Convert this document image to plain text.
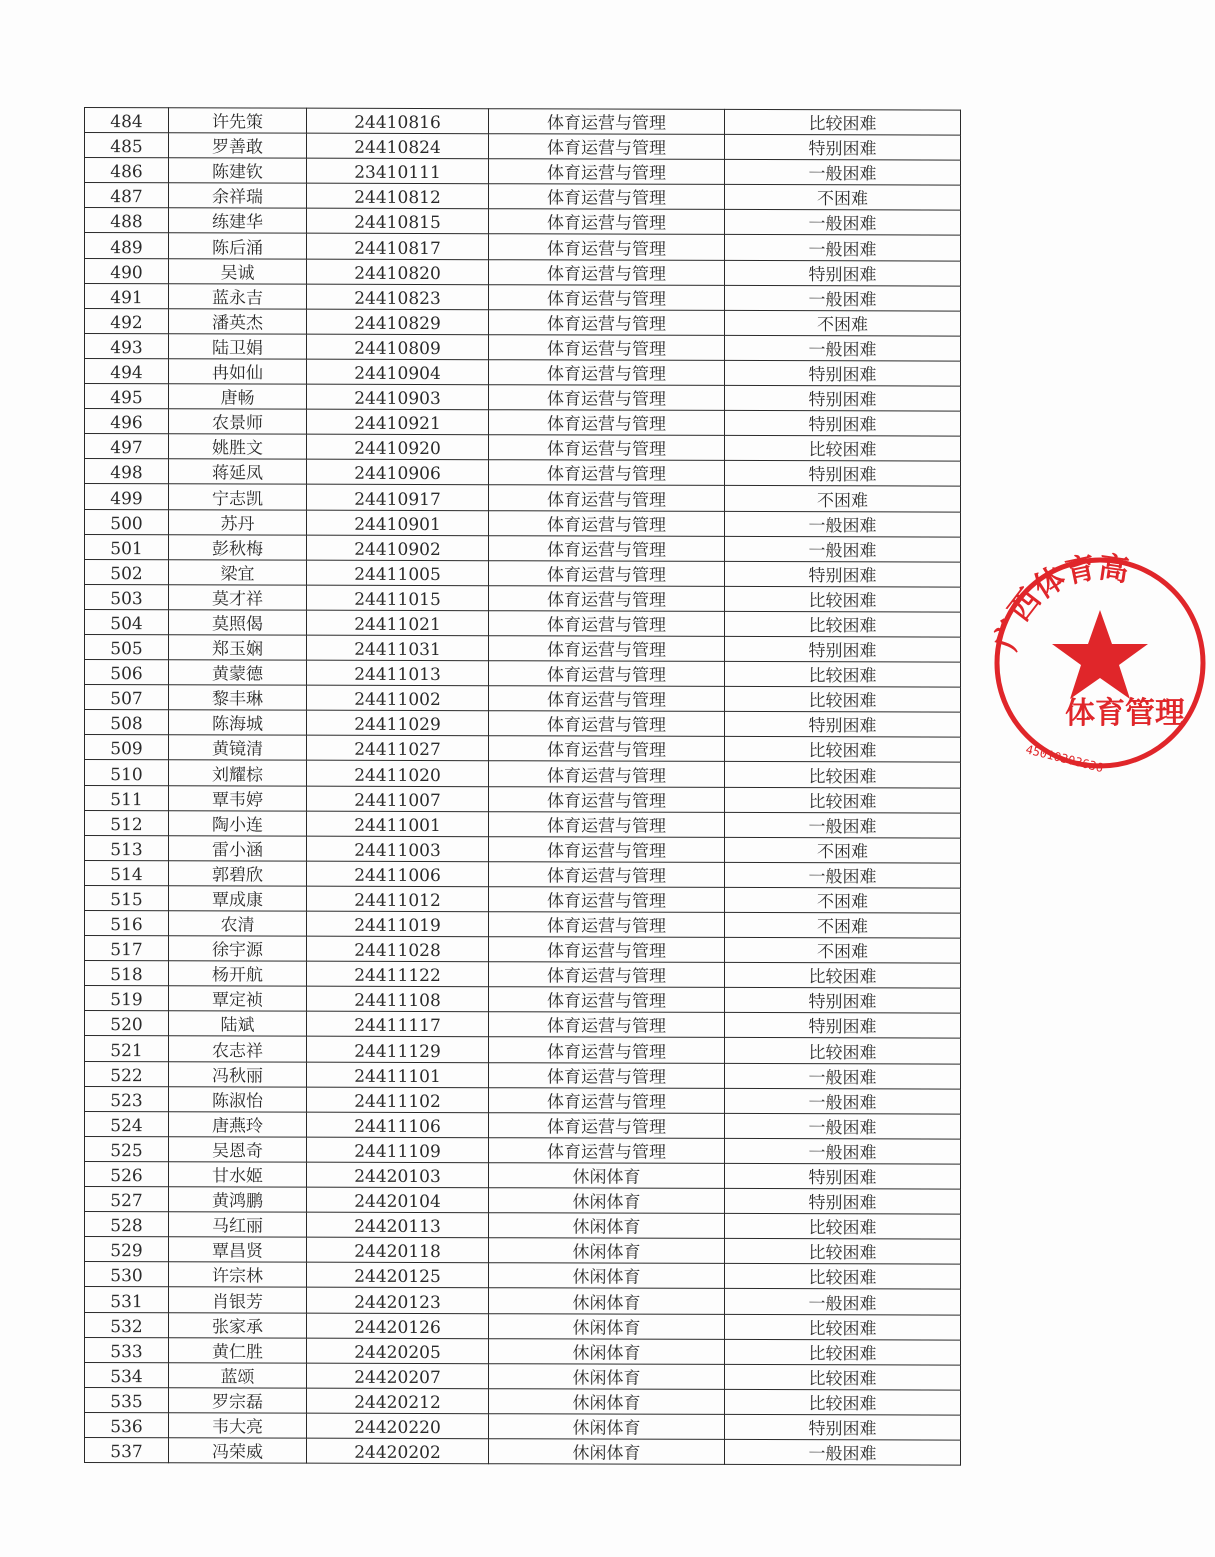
484	许先策	24410816	体育运营与管理	比较困难
485	罗善敢	24410824	体育运营与管理	特别困难
486	陈建钦	23410111	体育运营与管理	一般困难
487	余祥瑞	24410812	体育运营与管理	不困难
488	练建华	24410815	体育运营与管理	一般困难
489	陈后涌	24410817	体育运营与管理	一般困难
490	吴诚	24410820	体育运营与管理	特别困难
491	蓝永吉	24410823	体育运营与管理	一般困难
492	潘英杰	24410829	体育运营与管理	不困难
493	陆卫娟	24410809	体育运营与管理	一般困难
494	冉如仙	24410904	体育运营与管理	特别困难
495	唐畅	24410903	体育运营与管理	特别困难
496	农景师	24410921	体育运营与管理	特别困难
497	姚胜文	24410920	体育运营与管理	比较困难
498	蒋延凤	24410906	体育运营与管理	特别困难
499	宁志凯	24410917	体育运营与管理	不困难
500	苏丹	24410901	体育运营与管理	一般困难
501	彭秋梅	24410902	体育运营与管理	一般困难
502	梁宜	24411005	体育运营与管理	特别困难
503	莫才祥	24411015	体育运营与管理	比较困难
504	莫照偈	24411021	体育运营与管理	比较困难
505	郑玉娴	24411031	体育运营与管理	特别困难
506	黄蒙德	24411013	体育运营与管理	比较困难
507	黎丰琳	24411002	体育运营与管理	比较困难
508	陈海城	24411029	体育运营与管理	特别困难
509	黄镜清	24411027	体育运营与管理	比较困难
510	刘耀棕	24411020	体育运营与管理	比较困难
511	覃韦婷	24411007	体育运营与管理	比较困难
512	陶小连	24411001	体育运营与管理	一般困难
513	雷小涵	24411003	体育运营与管理	不困难
514	郭碧欣	24411006	体育运营与管理	一般困难
515	覃成康	24411012	体育运营与管理	不困难
516	农清	24411019	体育运营与管理	不困难
517	徐宇源	24411028	体育运营与管理	不困难
518	杨开航	24411122	体育运营与管理	比较困难
519	覃定祯	24411108	体育运营与管理	特别困难
520	陆斌	24411117	体育运营与管理	特别困难
521	农志祥	24411129	体育运营与管理	比较困难
522	冯秋丽	24411101	体育运营与管理	一般困难
523	陈淑怡	24411102	体育运营与管理	一般困难
524	唐燕玲	24411106	体育运营与管理	一般困难
525	吴恩奇	24411109	体育运营与管理	一般困难
526	甘水姬	24420103	休闲体育	特别困难
527	黄鸿鹏	24420104	休闲体育	特别困难
528	马红丽	24420113	休闲体育	比较困难
529	覃昌贤	24420118	休闲体育	比较困难
530	许宗林	24420125	休闲体育	比较困难
531	肖银芳	24420123	休闲体育	一般困难
532	张家承	24420126	休闲体育	比较困难
533	黄仁胜	24420205	休闲体育	比较困难
534	蓝颂	24420207	休闲体育	比较困难
535	罗宗磊	24420212	休闲体育	比较困难
536	韦大亮	24420220	休闲体育	特别困难
537	冯荣威	24420202	休闲体育	一般困难
广西体育高
体育管理
45010303636
